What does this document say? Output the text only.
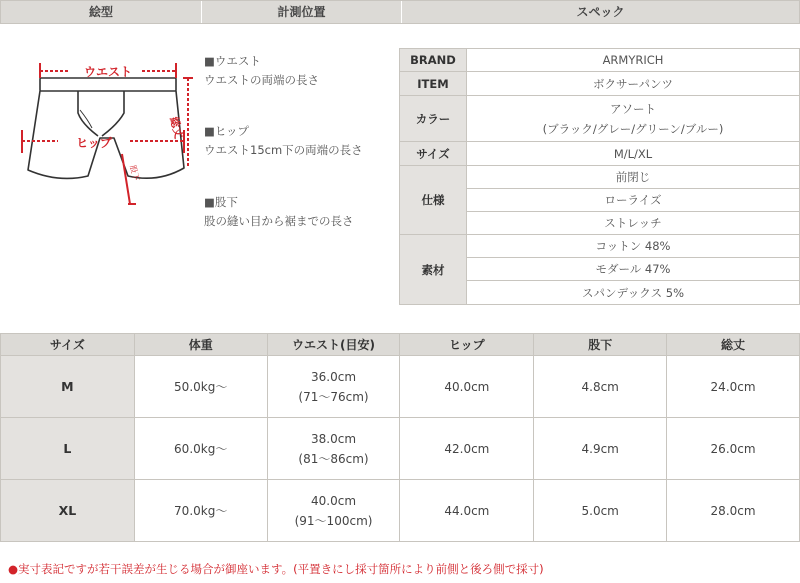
絵型	計測位置	スペック
ウエスト
ヒップ
総丈
股下
■ウエスト
ウエストの両端の長さ
■ヒップ
ウエスト15cm下の両端の長さ
■股下
股の縫い目から裾までの長さ
BRAND	ARMYRICH
ITEM	ボクサーパンツ
カラー	アソート
(ブラック/グレー/グリーン/ブルー)

サイズ	M/L/XL
仕様	前閉じ
	ローライズ
	ストレッチ
素材	コットン 48%
	モダール 47%
	スパンデックス 5%
サイズ	体重	ウエスト(目安)	ヒップ	股下	総丈
M	50.0kg～	36.0cm
(71～76cm)	40.0cm	4.8cm	24.0cm
L	60.0kg～	38.0cm
(81～86cm)	42.0cm	4.9cm	26.0cm
XL	70.0kg～	40.0cm
(91～100cm)	44.0cm	5.0cm	28.0cm
●実寸表記ですが若干誤差が生じる場合が御座います。(平置きにし採寸箇所により前側と後ろ側で採寸)
